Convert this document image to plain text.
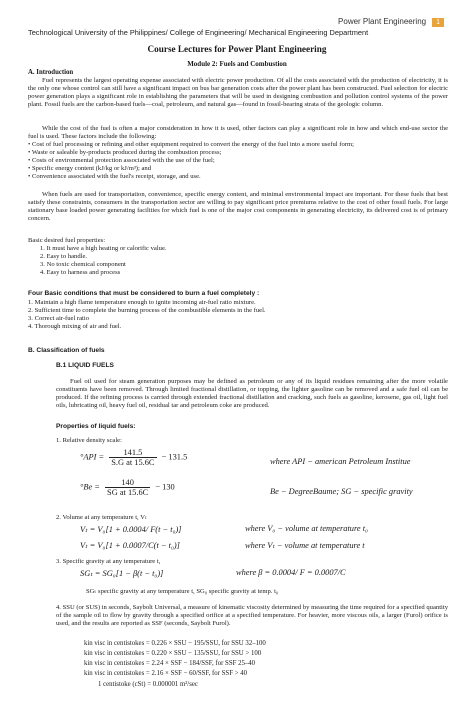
Power Plant Engineering 1
Technological University of the Philippines/ College of Engineering/ Mechanical Engineering Department
Course Lectures for Power Plant Engineering
Module 2: Fuels and Combustion
A. Introduction
Fuel represents the largest operating expense associated with electric power production. Of all the costs associated with the production of electricity, it is the only one whose control can still have a significant impact on bus bar generation costs after the power plant has been constructed. Fuel selection for electric power generation plays a significant role in establishing the parameters that will be used in designing combustion and pollution control systems of the power plant. Fossil fuels are the carbon-based fuels—coal, petroleum, and natural gas—found in fossil-bearing strata of the geologic column.
While the cost of the fuel is often a major consideration in how it is used, other factors can play a significant role in how and which end-use sector the fuel is used. These factors include the following:
• Cost of fuel processing or refining and other equipment required to convert the energy of the fuel into a more useful form;
• Waste or saleable by-products produced during the combustion process;
• Costs of environmental protection associated with the use of the fuel;
• Specific energy content (kJ/kg or kJ/m³); and
• Convenience associated with the fuel's receipt, storage, and use.
When fuels are used for transportation, convenience, specific energy content, and minimal environmental impact are important. For these fuels that best satisfy these constraints, consumers in the transportation sector are willing to pay significant price premiums relative to the cost of other fossil fuels. For large stationary base loaded power generating facilities for which fuel is one of the major cost components in generating electricity, its delivered cost is of primary concern.
Basic desired fuel properties:
1. It must have a high heating or calorific value.
2. Easy to handle.
3. No toxic chemical component
4. Easy to harness and process
Four Basic conditions that must be considered to burn a fuel completely :
1. Maintain a high flame temperature enough to ignite incoming air-fuel ratio mixture.
2. Sufficient time to complete the burning process of the combustible elements in the fuel.
3. Correct air-fuel ratio
4. Thorough mixing of air and fuel.
B. Classification of fuels
B.1 LIQUID FUELS
Fuel oil used for steam generation purposes may be defined as petroleum or any of its liquid residues remaining after the more volatile constituents have been removed. Through limited fractional distillation, or topping, the lighter gasoline can be removed and a safe fuel oil can be produced. If the refining process is carried through extended fractional distillation and cracking, such fuels as gasoline, kerosene, gas oil, light fuel oils, lubricating oil, heavy fuel oil, residual tar and petroleum coke are produced.
Properties of liquid fuels:
1. Relative density scale:
$^\circ API = \frac{141.5}{\text{S.G at 15.6C}} - 131.5$
where API − american Petroleum Institue
$^\circ Be = \frac{140}{\text{SG at 15.6C}} - 130$
Be − DegreeBaume; SG − specific gravity
2. Volume at any temperature t, Vₜ
Vₜ = V₀[1 + 0.0004/ F(t − t₀)]	where V₀ − volume at temperature t₀
Vₜ = V₀[1 + 0.0007/C(t − t₀)]	where Vₜ − volume at temperature t
3. Specific gravity at any temperature t,
SGₜ = SG₀[1 − β(t − t₀)]	where β = 0.0004/ F = 0.0007/C
SGₜ specific gravity at any temperature t, SG₀ specific gravity at temp. t₀
4. SSU (or SUS) in seconds, Saybolt Universal, a measure of kinematic viscosity determined by measuring the time required for a specified quantity of the sample oil to flow by gravity through a specified orifice at a specified temperature. For heavier, more viscous oils, a larger (Furol) orifice is used, and the results are reported as SSF (seconds, Saybolt Furol).
kin visc in centistokes = 0.226 × SSU − 195/SSU, for SSU 32–100
kin visc in centistokes = 0.220 × SSU − 135/SSU, for SSU > 100
kin visc in centistokes = 2.24 × SSF − 184/SSF, for SSF 25–40
kin visc in centistokes = 2.16 × SSF − 60/SSF, for SSF > 40
1 centistoke (cSt) = 0.000001 m²/sec
